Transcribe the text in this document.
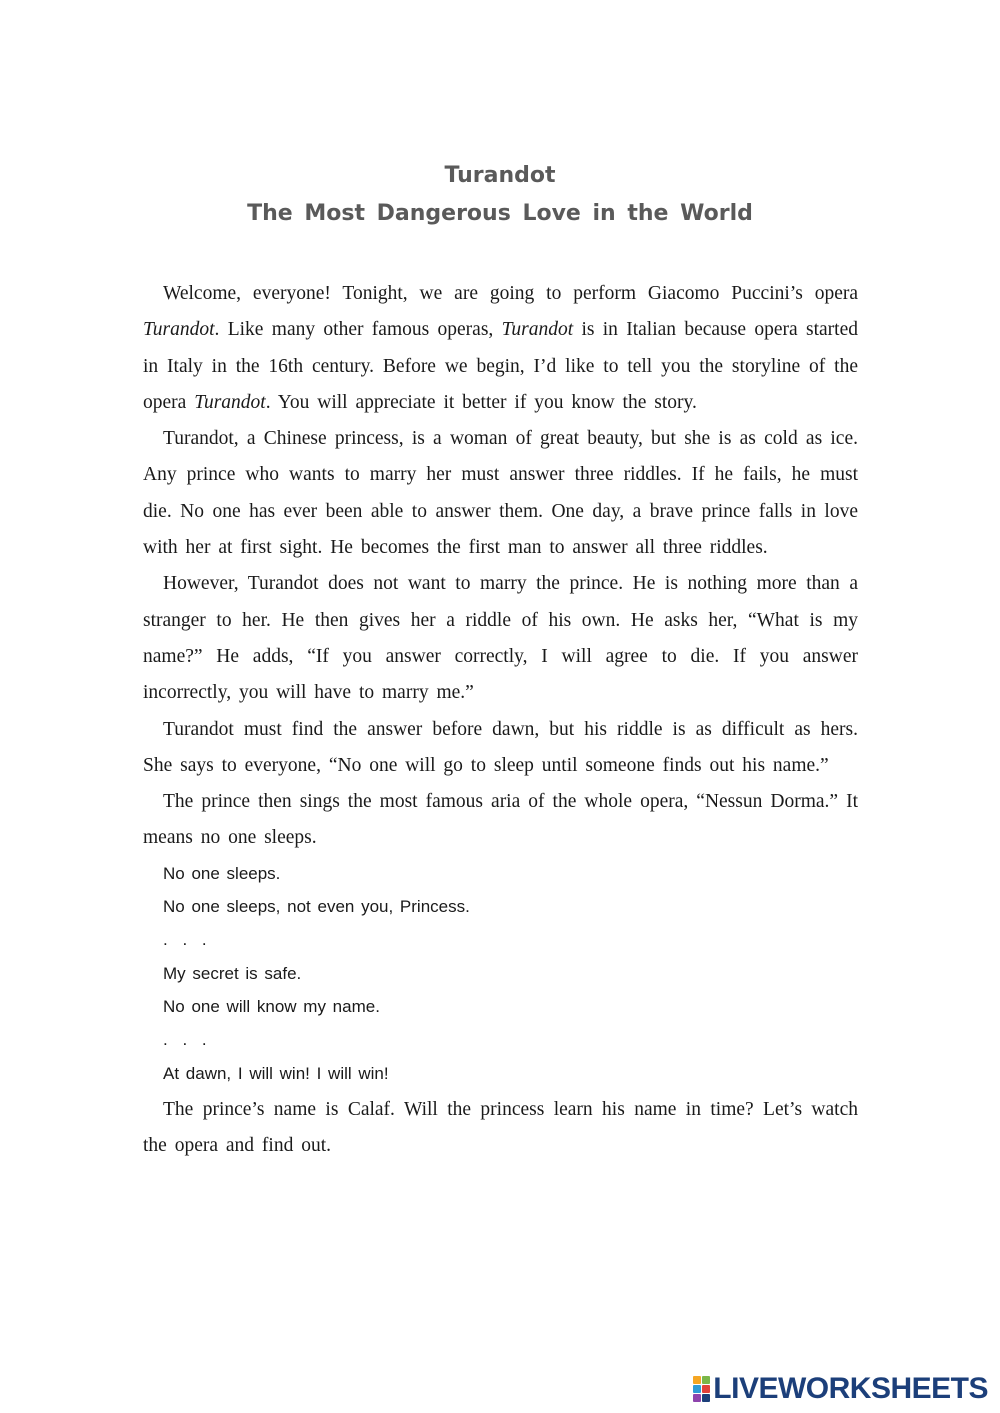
Turandot
The Most Dangerous Love in the World

Welcome, everyone! Tonight, we are going to perform Giacomo Puccini’s opera Turandot. Like many other famous operas, Turandot is in Italian because opera started in Italy in the 16th century. Before we begin, I’d like to tell you the storyline of the opera Turandot. You will appreciate it better if you know the story.

Turandot, a Chinese princess, is a woman of great beauty, but she is as cold as ice. Any prince who wants to marry her must answer three riddles. If he fails, he must die. No one has ever been able to answer them. One day, a brave prince falls in love with her at first sight. He becomes the first man to answer all three riddles.

However, Turandot does not want to marry the prince. He is nothing more than a stranger to her. He then gives her a riddle of his own. He asks her, “What is my name?” He adds, “If you answer correctly, I will agree to die. If you answer incorrectly, you will have to marry me.”

Turandot must find the answer before dawn, but his riddle is as difficult as hers. She says to everyone, “No one will go to sleep until someone finds out his name.”

The prince then sings the most famous aria of the whole opera, “Nessun Dorma.” It means no one sleeps.

No one sleeps.

No one sleeps, not even you, Princess.

. . .

My secret is safe.

No one will know my name.

. . .

At dawn, I will win! I will win!

The prince’s name is Calaf. Will the princess learn his name in time? Let’s watch the opera and find out.

LIVEWORKSHEETS
